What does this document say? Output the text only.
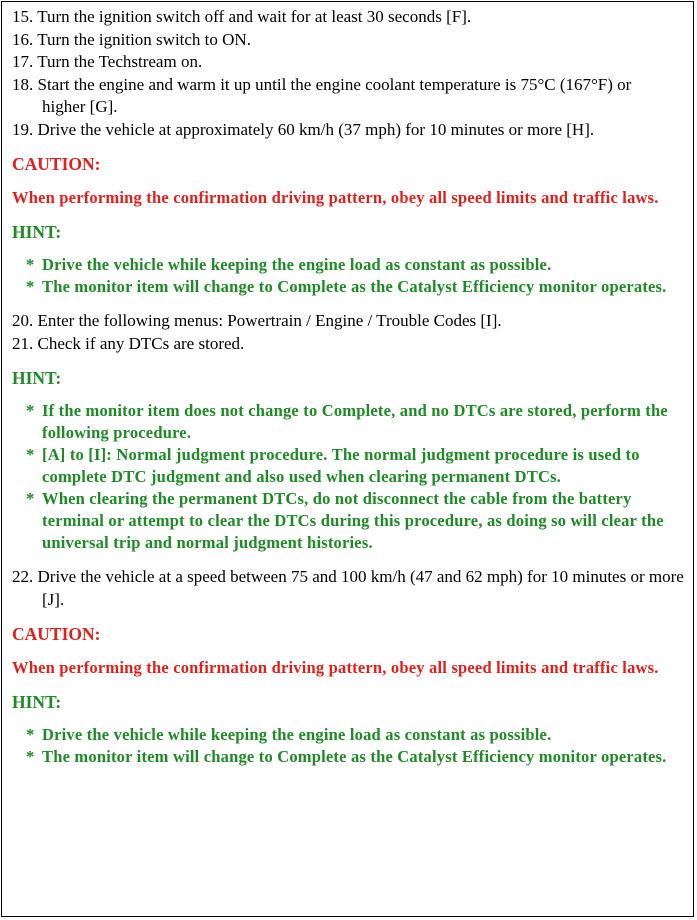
15. Turn the ignition switch off and wait for at least 30 seconds [F].
16. Turn the ignition switch to ON.
17. Turn the Techstream on.
18. Start the engine and warm it up until the engine coolant temperature is 75°C (167°F) or higher [G].
19. Drive the vehicle at approximately 60 km/h (37 mph) for 10 minutes or more [H].
CAUTION:
When performing the confirmation driving pattern, obey all speed limits and traffic laws.
HINT:
* Drive the vehicle while keeping the engine load as constant as possible.
* The monitor item will change to Complete as the Catalyst Efficiency monitor operates.
20. Enter the following menus: Powertrain / Engine / Trouble Codes [I].
21. Check if any DTCs are stored.
HINT:
* If the monitor item does not change to Complete, and no DTCs are stored, perform the following procedure.
* [A] to [I]: Normal judgment procedure. The normal judgment procedure is used to complete DTC judgment and also used when clearing permanent DTCs.
* When clearing the permanent DTCs, do not disconnect the cable from the battery terminal or attempt to clear the DTCs during this procedure, as doing so will clear the universal trip and normal judgment histories.
22. Drive the vehicle at a speed between 75 and 100 km/h (47 and 62 mph) for 10 minutes or more [J].
CAUTION:
When performing the confirmation driving pattern, obey all speed limits and traffic laws.
HINT:
* Drive the vehicle while keeping the engine load as constant as possible.
* The monitor item will change to Complete as the Catalyst Efficiency monitor operates.
